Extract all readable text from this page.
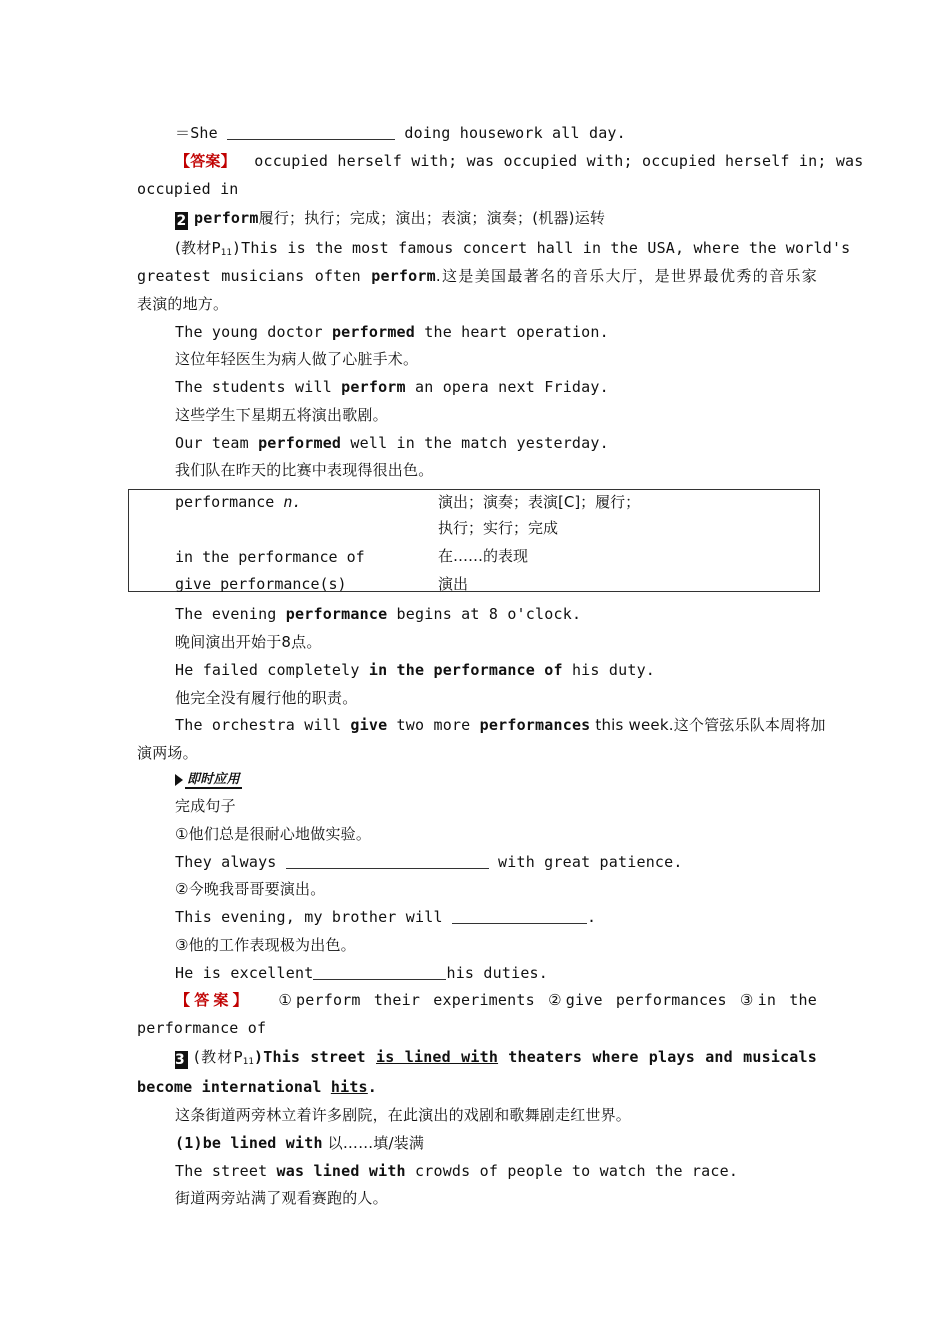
＝She	doing housework all day.
【答案】 occupied herself with; was occupied with; occupied herself in; was
occupied in
2 perform履行；执行；完成；演出；表演；演奏；(机器)运转
(教材$P_{11})This$ is the most famous concert hall in the USA, where the world's
greatest musicians often perform.这是美国最著名的音乐大厅，是世界最优秀的音乐家
表演的地方。
The young doctor performed the heart operation.
这位年轻医生为病人做了心脏手术。
The students will perform an opera next Friday.
这些学生下星期五将演出歌剧。
Our team performed well in the match yesterday.
我们队在昨天的比赛中表现得很出色。
performance n.	演出；演奏；表演[C]；履行；
执行；实行；完成
in the performance of	在……的表现
give performance(s)	演出
The evening performance begins at 8 o'clock.
晚间演出开始于8点。
He failed completely in the performance of his duty.
他完全没有履行他的职责。
The orchestra will give two more performances this week.这个管弦乐队本周将加
演两场。
即时应用
完成句子
①他们总是很耐心地做实验。
They always	with great patience.
②今晚我哥哥要演出。
This evening, my brother will	.
③他的工作表现极为出色。
He is excellent	his duties.
【答案】 ①perform their experiments ②give performances ③in the
performance of
3 (教材$P_{11})This$ street is lined with theaters where plays and musicals
become international hits.
这条街道两旁林立着许多剧院，在此演出的戏剧和歌舞剧走红世界。
(1)be lined with 以……填/装满
The street was lined with crowds of people to watch the race.
街道两旁站满了观看赛跑的人。
